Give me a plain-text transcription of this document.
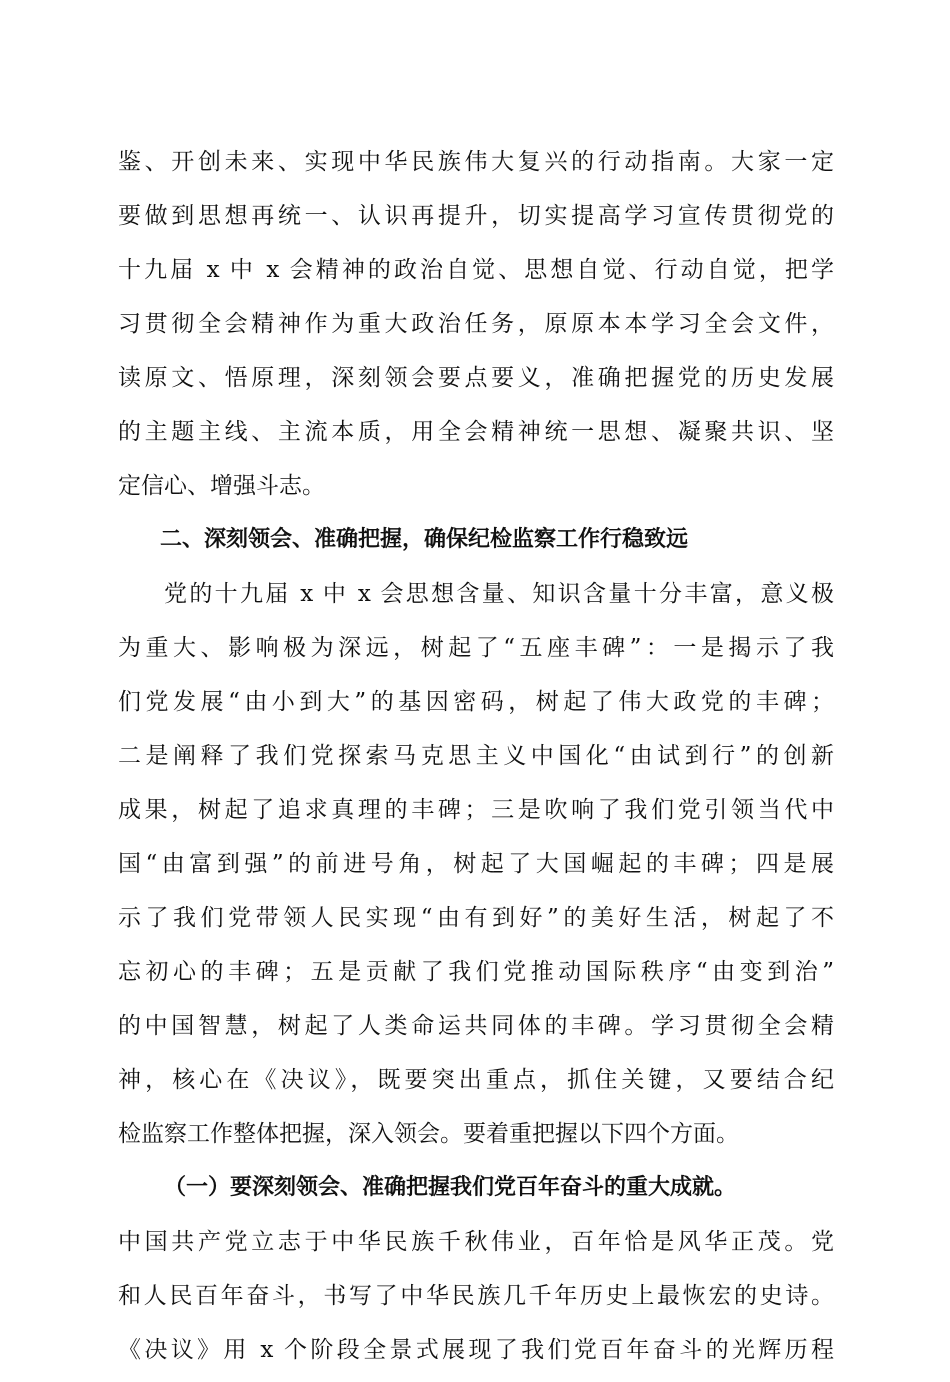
鉴、开创未来、实现中华民族伟大复兴的行动指南。大家一定
要做到思想再统一、认识再提升，切实提高学习宣传贯彻党的
十九届 x 中 x 会精神的政治自觉、思想自觉、行动自觉，把学
习贯彻全会精神作为重大政治任务，原原本本学习全会文件，
读原文、悟原理，深刻领会要点要义，准确把握党的历史发展
的主题主线、主流本质，用全会精神统一思想、凝聚共识、坚
定信心、增强斗志。
二、深刻领会、准确把握，确保纪检监察工作行稳致远
党的十九届 x 中 x 会思想含量、知识含量十分丰富，意义极
为重大、影响极为深远，树起了“五座丰碑”：一是揭示了我
们党发展“由小到大”的基因密码，树起了伟大政党的丰碑；
二是阐释了我们党探索马克思主义中国化“由试到行”的创新
成果，树起了追求真理的丰碑；三是吹响了我们党引领当代中
国“由富到强”的前进号角，树起了大国崛起的丰碑；四是展
示了我们党带领人民实现“由有到好”的美好生活，树起了不
忘初心的丰碑；五是贡献了我们党推动国际秩序“由变到治”
的中国智慧，树起了人类命运共同体的丰碑。学习贯彻全会精
神，核心在《决议》，既要突出重点，抓住关键，又要结合纪
检监察工作整体把握，深入领会。要着重把握以下四个方面。
（一）要深刻领会、准确把握我们党百年奋斗的重大成就。
中国共产党立志于中华民族千秋伟业，百年恰是风华正茂。党
和人民百年奋斗，书写了中华民族几千年历史上最恢宏的史诗。
《决议》用 x 个阶段全景式展现了我们党百年奋斗的光辉历程
